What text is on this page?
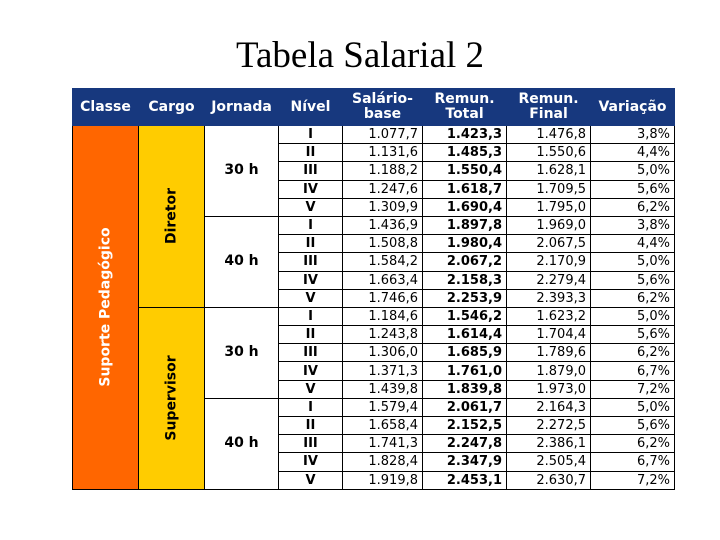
Tabela Salarial 2
Classe	Cargo	Jornada	Nível	Salário-base	Remun. Total	Remun. Final	Variação

Suporte Pedagógico	Diretor	30 h	I	1.077,7	1.423,3	1.476,8	3,8%
			II	1.131,6	1.485,3	1.550,6	4,4%
			III	1.188,2	1.550,4	1.628,1	5,0%
			IV	1.247,6	1.618,7	1.709,5	5,6%
			V	1.309,9	1.690,4	1.795,0	6,2%
		40 h	I	1.436,9	1.897,8	1.969,0	3,8%
			II	1.508,8	1.980,4	2.067,5	4,4%
			III	1.584,2	2.067,2	2.170,9	5,0%
			IV	1.663,4	2.158,3	2.279,4	5,6%
			V	1.746,6	2.253,9	2.393,3	6,2%

	Supervisor	30 h	I	1.184,6	1.546,2	1.623,2	5,0%
			II	1.243,8	1.614,4	1.704,4	5,6%
			III	1.306,0	1.685,9	1.789,6	6,2%
			IV	1.371,3	1.761,0	1.879,0	6,7%
			V	1.439,8	1.839,8	1.973,0	7,2%
		40 h	I	1.579,4	2.061,7	2.164,3	5,0%
			II	1.658,4	2.152,5	2.272,5	5,6%
			III	1.741,3	2.247,8	2.386,1	6,2%
			IV	1.828,4	2.347,9	2.505,4	6,7%
			V	1.919,8	2.453,1	2.630,7	7,2%
